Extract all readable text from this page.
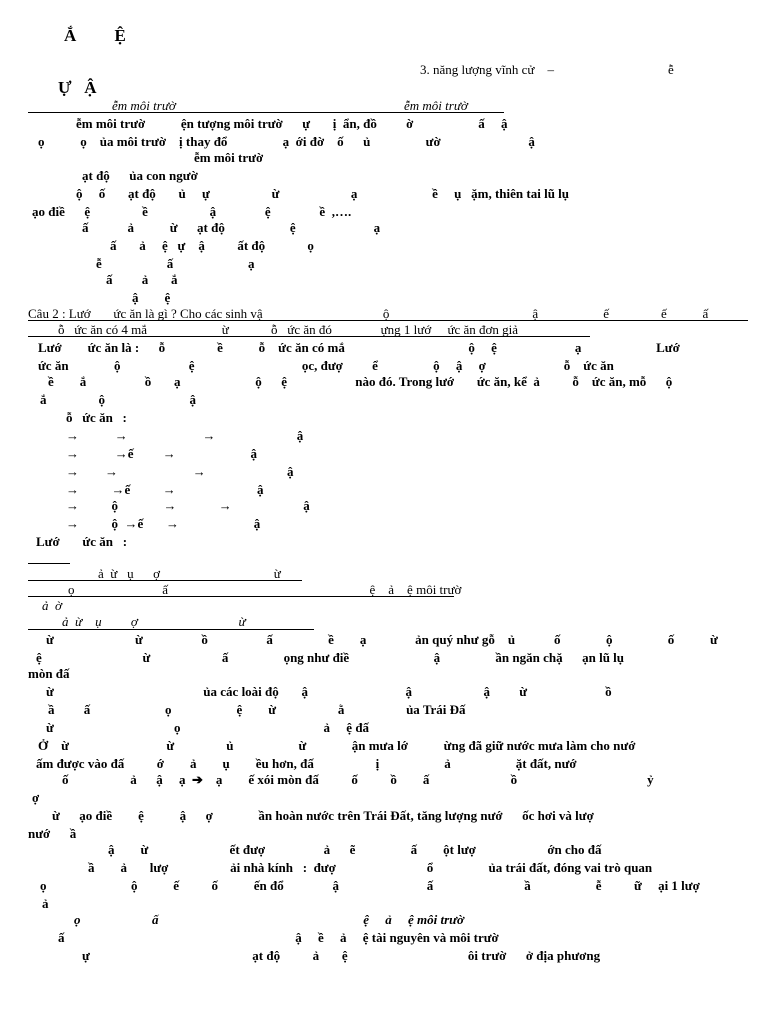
Ắ         Ệ
3. năng lượng vĩnh cử    –	ễ
Ự   Ậ
ễm môi trườ	ễm môi trườ
ễm môi trườ           ện tượng môi trườ      ự       ị  ẩn, đồ         ờ                    ấ     ậ
ọ           ọ    ủa môi trườ    ị thay đổ                 ạ  ới đờ    ố      ủ                 ườ                           ậ
ễm môi trườ
ạt độ      ủa con ngườ
ộ     ố       ạt độ       ủ     ự                   ừ                      ạ                       ề     ụ   ặm, thiên tai lũ lụ
ạo điề      ệ                ề                   ậ               ệ               ề  ,….
ấ            ả           ừ      ạt độ                    ệ                        ạ
ấ       ả     ệ   ự    ậ          ất độ             ọ
ễ                    ấ                       ạ
ấ         ả       ắ
ậ        ệ
Câu 2 : Lướ       ức ăn là gì ? Cho các sinh vậ                                     ộ                                            ậ                    ế                ế           ấ
ỗ   ức ăn có 4 mắ                       ừ             ỗ   ức ăn đó               ựng 1 lướ     ức ăn đơn giả
Lướ        ức ăn là :      ỗ                ề           ỗ    ức ăn có mắ                                      ộ     ệ                        ạ                       Lướ
ức ăn              ộ                     ệ                                 ọc, đượ         ể                 ộ     ậ     ợ                        ỗ    ức ăn
ề        ắ                  ồ       ạ                       ộ      ệ                     nào đó. Trong lướ       ức ăn, kể  ả          ỗ    ức ăn, mỗ      ộ
ắ                ộ                          ậ
ỗ   ức ăn   :
→           →                       →                         ậ
→           →ế         →                       ậ
→        →                       →                         ậ
→          →ế          →                         ậ
→          ộ              →             →                      ậ
→          ộ  →ế       →                       ậ
Lướ       ức ăn   :
ả  ừ   ụ      ợ                                   ừ
ọ                           ấ                                                              ệ    ả    ệ môi trườ
ả  ờ
ả  ừ    ụ         ợ                               ừ
ừ                         ừ                  ồ                  ấ                 ề        ạ               ản quý như gỗ    ủ            ố              ộ                 ố           ừ
ệ                               ừ                      ấ                 ọng như điề                          ậ                 ần ngăn chặ      ạn lũ lụ
mòn đấ
ừ                                              ủa các loài độ       ậ                              ậ                      ậ         ừ                        ồ
ầ         ấ                       ọ                    ệ        ừ                   ằ                   ủa Trái Đấ
ừ                                     ọ                                            ả     ệ đấ
Ở    ừ                              ừ                ủ                    ừ              ận mưa lớ           ừng đã giữ nước mưa làm cho nướ
ấm được vào đấ          ớ        ả        ụ        ều hơn, đấ                   ị                    ả                    ặt đất, nướ
ố                   ả      ậ     ạ  ➔    ạ        ế xói mòn đấ          ố          ồ        ấ                         ồ                                        ỷ
ợ
ừ      ạo điề        ệ           ậ      ợ              ần hoàn nước trên Trái Đất, tăng lượng nướ      ốc hơi và lượ
nướ      ầ
ậ        ừ                         ết đượ                  ả      ẽ                 ấ        ột lượ                      ớn cho đấ
ầ        ả       lượ                   ải nhà kính   :  đượ                            ổ                 ủa trái đất, đóng vai trò quan
ọ                          ộ           ế          ố           ến đổ               ậ                           ấ                            ầ                    ễ          ữ     ại 1 lượ
ả
ọ                      ấ                                                               ệ     ả     ệ môi trườ
ấ                                                                       ậ     ề     ả     ệ tài nguyên và môi trườ
ự                                                  ạt độ          ả       ệ                                     ôi trườ      ở địa phương
